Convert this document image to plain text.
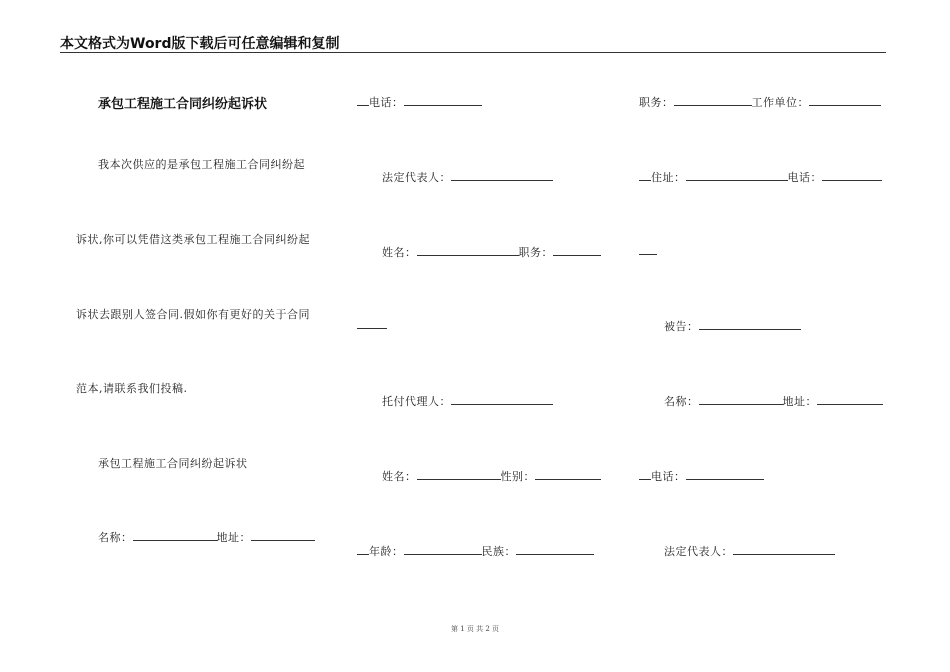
本文格式为Word版下载后可任意编辑和复制
承包工程施工合同纠纷起诉状
我本次供应的是承包工程施工合同纠纷起
诉状,你可以凭借这类承包工程施工合同纠纷起
诉状去跟别人签合同.假如你有更好的关于合同
范本,请联系我们投稿.
承包工程施工合同纠纷起诉状
名称：	地址：
电话：
法定代表人：
姓名：	职务：
托付代理人：
姓名：	性别：
年龄：	民族：
职务：	工作单位：
住址：	电话：
被告：
名称：	地址：
电话：
法定代表人：
第 1 页 共 2 页
